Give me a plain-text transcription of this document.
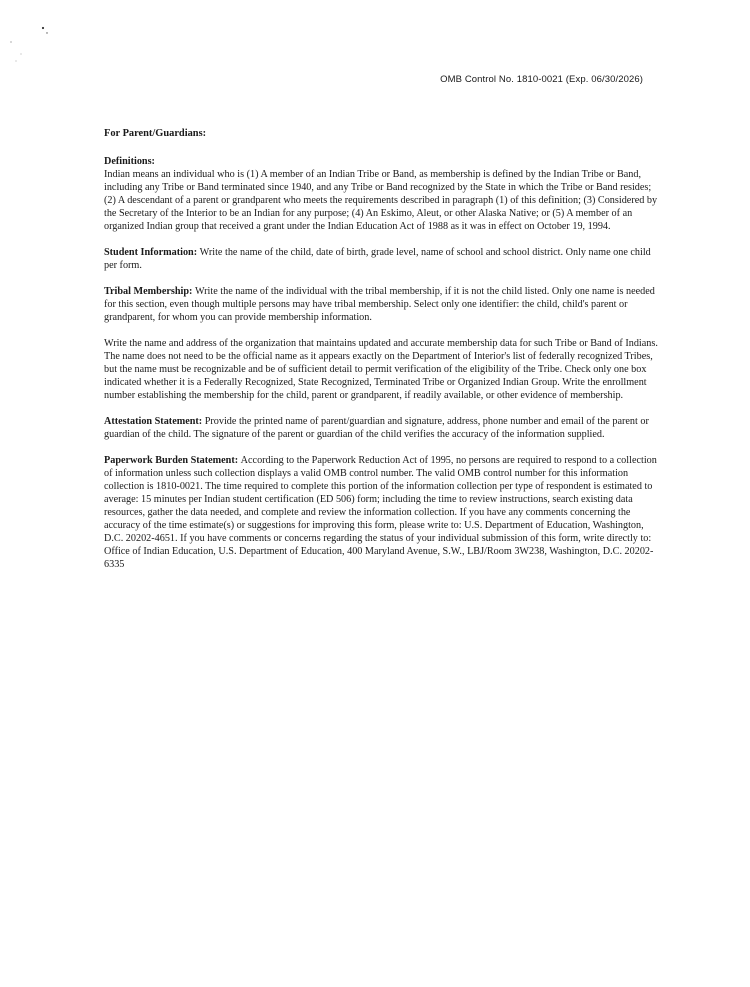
OMB Control No. 1810-0021 (Exp. 06/30/2026)
For Parent/Guardians:
Definitions:
Indian means an individual who is (1) A member of an Indian Tribe or Band, as membership is defined by the Indian Tribe or Band, including any Tribe or Band terminated since 1940, and any Tribe or Band recognized by the State in which the Tribe or Band resides; (2) A descendant of a parent or grandparent who meets the requirements described in paragraph (1) of this definition; (3) Considered by the Secretary of the Interior to be an Indian for any purpose; (4) An Eskimo, Aleut, or other Alaska Native; or (5) A member of an organized Indian group that received a grant under the Indian Education Act of 1988 as it was in effect on October 19, 1994.
Student Information: Write the name of the child, date of birth, grade level, name of school and school district. Only name one child per form.
Tribal Membership: Write the name of the individual with the tribal membership, if it is not the child listed. Only one name is needed for this section, even though multiple persons may have tribal membership. Select only one identifier: the child, child's parent or grandparent, for whom you can provide membership information.

Write the name and address of the organization that maintains updated and accurate membership data for such Tribe or Band of Indians. The name does not need to be the official name as it appears exactly on the Department of Interior's list of federally recognized Tribes, but the name must be recognizable and be of sufficient detail to permit verification of the eligibility of the Tribe. Check only one box indicated whether it is a Federally Recognized, State Recognized, Terminated Tribe or Organized Indian Group. Write the enrollment number establishing the membership for the child, parent or grandparent, if readily available, or other evidence of membership.

Attestation Statement: Provide the printed name of parent/guardian and signature, address, phone number and email of the parent or guardian of the child. The signature of the parent or guardian of the child verifies the accuracy of the information supplied.
Paperwork Burden Statement: According to the Paperwork Reduction Act of 1995, no persons are required to respond to a collection of information unless such collection displays a valid OMB control number. The valid OMB control number for this information collection is 1810-0021. The time required to complete this portion of the information collection per type of respondent is estimated to average: 15 minutes per Indian student certification (ED 506) form; including the time to review instructions, search existing data resources, gather the data needed, and complete and review the information collection. If you have any comments concerning the accuracy of the time estimate(s) or suggestions for improving this form, please write to: U.S. Department of Education, Washington, D.C. 20202-4651. If you have comments or concerns regarding the status of your individual submission of this form, write directly to: Office of Indian Education, U.S. Department of Education, 400 Maryland Avenue, S.W., LBJ/Room 3W238, Washington, D.C. 20202-6335
